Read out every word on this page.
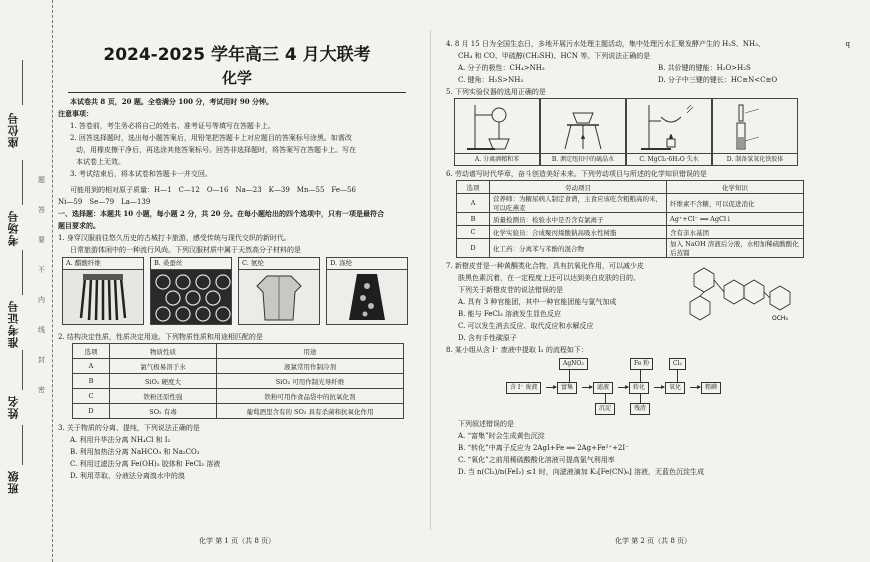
座位号
考场号
准考证号
姓名
班级
题
答
要
不
内
线
封
密
2024-2025 学年高三 4 月大联考
化学

本试卷共 8 页，20 题。全卷满分 100 分，考试用时 90 分钟。

注意事项：

1. 答卷前，考生务必将自己的姓名、准考证号等填写在答题卡上。

2. 回答选择题时，选出每小题答案后，用铅笔把答题卡上对应题目的答案标号涂黑。如需改

动，用橡皮擦干净后，再选涂其他答案标号。回答非选择题时，将答案写在答题卡上。写在

本试卷上无效。

3. 考试结束后，将本试卷和答题卡一并交回。

可能用到的相对原子质量：H—1　C—12　O—16　Na—23　K—39　Mn—55　Fe—56

Ni—59　Se—79　La—139

一、选择题：本题共 10 小题，每小题 2 分，共 20 分。在每小题给出的四个选项中，只有一项是最符合

题目要求的。

1. 身穿汉服前往悠久历史的古城打卡旅游，感受传统与现代交织的新时代。

日常旅游体闲中的一种流行风尚。下列汉服材质中属于天然高分子材料的是

A. 醋酸纤维	B. 桑蚕丝	C. 氨纶	D. 涤纶

2. 结构决定性质，性质决定用途。下列物质性质和用途相匹配的是

选项	物质性质	用途
A	氯气极易溶于水	液氯常用作制冷剂
B	SiO₂ 硬度大	SiO₂ 可用作制光导纤维
C	铁粉还原性强	铁粉可用作食品袋中的抗氧化剂
D	SO₂ 有毒	葡萄酒里含有的 SO₂ 具有杀菌和抗氧化作用

3. 关于物质的分离、提纯，下列说法正确的是

A. 利用升华法分离 NH₄Cl 和 I₂

B. 利用加热法分离 NaHCO₃ 和 Na₂CO₃

C. 利用过滤法分离 Fe(OH)₃ 胶体和 FeCl₃ 溶液

D. 利用萃取、分液法分离溴水中的溴

化学 第 1 页（共 8 页）

4. 8 月 15 日为全国生态日，多地开展污水处理主题活动，集中处理污水汇聚发酵产生的 H₂S、NH₃、

CH₄ 和 CO、甲硫醇(CH₃SH)、HCN 等。下列说法正确的是

A. 分子的极性：CH₄>NH₃	B. 共价键的键能：H₂O>H₂S

C. 键角：H₂S>NH₃	D. 分子中三键的键长：HC≡N<C≡O

5. 下列实验仪器的选用正确的是

A. 分离酒精和苯	B. 测定纽扣中的硫晶水	C. MgCl₂·6H₂O 失水	D. 制备氢氧化铁胶体

6. 劳动谱写时代华章，奋斗创造美好未来。下列劳动项目与所述的化学知识错误的是

选项	劳动项目	化学知识
A	营养师：为糖尿病人制定食谱，主食应该吃含粗粮高的米，可以吃燕麦	纤维素不含糖，可以促进消化
B	质量检测员：检验水中是否含有氯离子	Ag⁺+Cl⁻ ══ AgCl↓
C	化学实验员：合成聚丙烯酸钠高吸水性树脂	含有亲水基团
D	化工药：分离苯与苯酚的混合物	加入 NaOH 溶液后分液，水相加稀硫酸酸化后蒸馏

7. 新橙皮苷是一种黄酮类化合物，具有抗氧化作用，可以减少皮

肤黑色素沉着，在一定程度上还可以达到美白皮肤的目的。

下列关于新橙皮苷的说法错误的是

A. 具有 3 种官能团，其中一种官能团能与氯气加成

B. 能与 FeCl₃ 溶液发生显色反应

C. 可以发生消去反应、取代反应和水解反应

D. 含有手性碳原子

OCH₃

8. 某小组从含 I⁻ 废液中提取 I₂ 的流程如下：

含 I⁻ 废液	富集	滤液	转化	氧化	粗碘
AgNO₃	Fe 粉	Cl₂
沉淀	残渣

下列叙述错误的是

A. “富集”时会生成黄色沉淀

B. “转化”中离子反应为 2AgI+Fe ══ 2Ag+Fe²⁺+2I⁻

C. “氧化”之前用稀硫酸酸化溶液可提高氯气利用率

D. 当 n(Cl₂)/n(FeI₂) ≤1 时，向滤液滴加 K₃[Fe(CN)₆] 溶液，无蓝色沉淀生成

q
化学 第 2 页（共 8 页）
